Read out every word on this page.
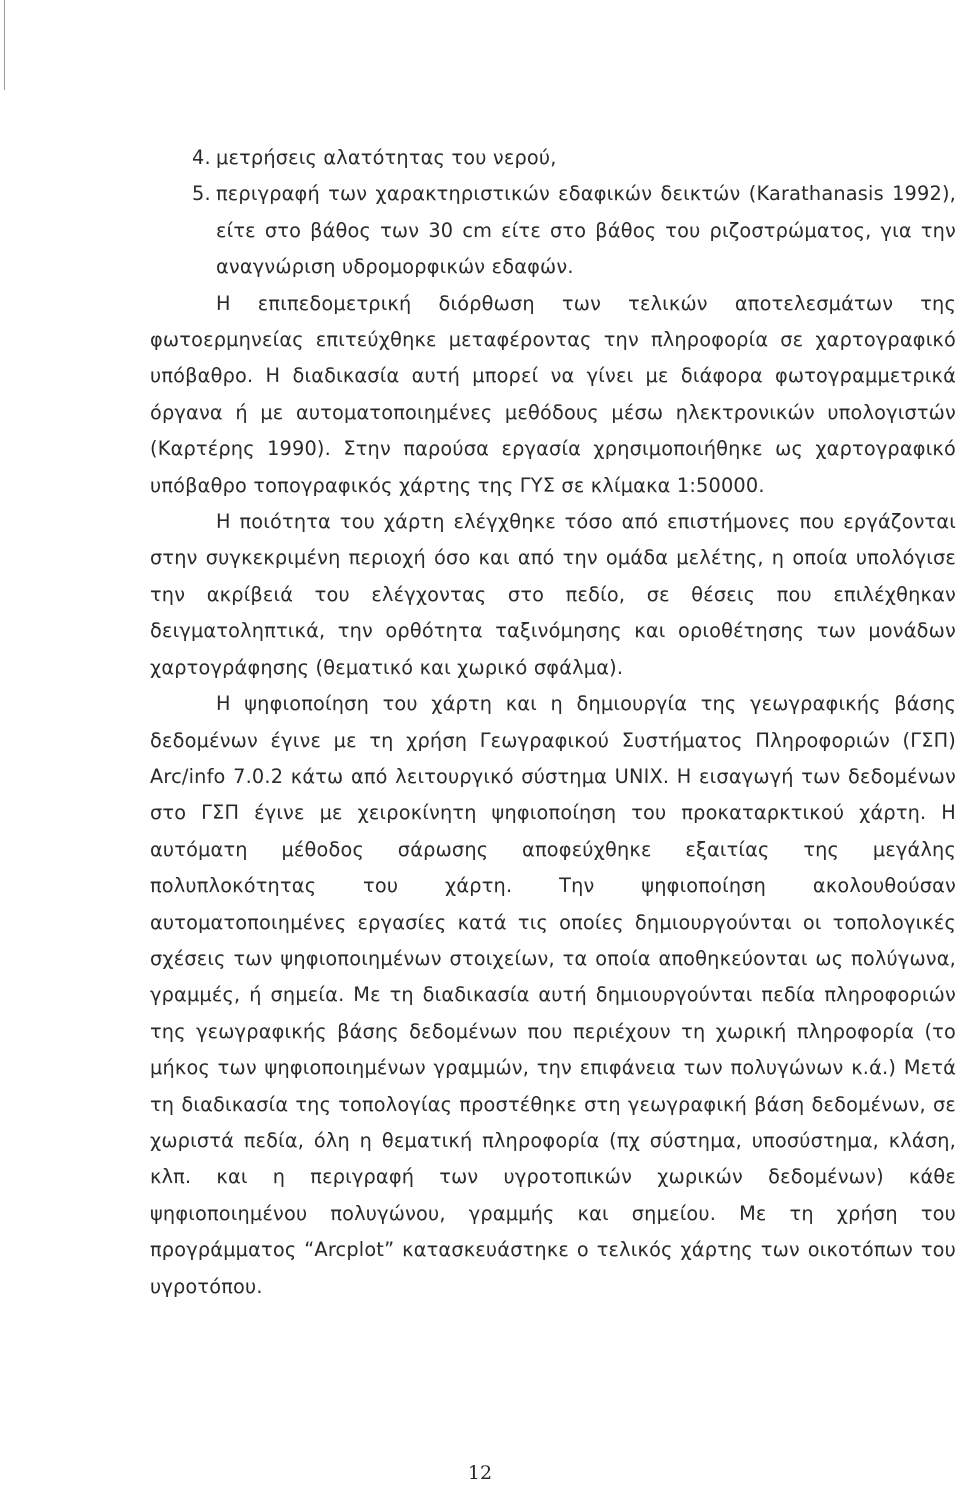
4. μετρήσεις αλατότητας του νερού,
5. περιγραφή των χαρακτηριστικών εδαφικών δεικτών (Karathanasis 1992), είτε στο βάθος των 30 cm είτε στο βάθος του ριζοστρώματος, για την αναγνώριση υδρομορφικών εδαφών.

Η επιπεδομετρική διόρθωση των τελικών αποτελεσμάτων της φωτοερμηνείας επιτεύχθηκε μεταφέροντας την πληροφορία σε χαρτογραφικό υπόβαθρο. Η διαδικασία αυτή μπορεί να γίνει με διάφορα φωτογραμμετρικά όργανα ή με αυτοματοποιημένες μεθόδους μέσω ηλεκτρονικών υπολογιστών (Καρτέρης 1990). Στην παρούσα εργασία χρησιμοποιήθηκε ως χαρτογραφικό υπόβαθρο τοπογραφικός χάρτης της ΓΥΣ σε κλίμακα 1:50000.

Η ποιότητα του χάρτη ελέγχθηκε τόσο από επιστήμονες που εργάζονται στην συγκεκριμένη περιοχή όσο και από την ομάδα μελέτης, η οποία υπολόγισε την ακρίβειά του ελέγχοντας στο πεδίο, σε θέσεις που επιλέχθηκαν δειγματοληπτικά, την ορθότητα ταξινόμησης και οριοθέτησης των μονάδων χαρτογράφησης (θεματικό και χωρικό σφάλμα).

Η ψηφιοποίηση του χάρτη και η δημιουργία της γεωγραφικής βάσης δεδομένων έγινε με τη χρήση Γεωγραφικού Συστήματος Πληροφοριών (ΓΣΠ) Arc/info 7.0.2 κάτω από λειτουργικό σύστημα UNIX. Η εισαγωγή των δεδομένων στο ΓΣΠ έγινε με χειροκίνητη ψηφιοποίηση του προκαταρκτικού χάρτη. Η αυτόματη μέθοδος σάρωσης αποφεύχθηκε εξαιτίας της μεγάλης πολυπλοκότητας του χάρτη. Την ψηφιοποίηση ακολουθούσαν αυτοματοποιημένες εργασίες κατά τις οποίες δημιουργούνται οι τοπολογικές σχέσεις των ψηφιοποιημένων στοιχείων, τα οποία αποθηκεύονται ως πολύγωνα, γραμμές, ή σημεία. Με τη διαδικασία αυτή δημιουργούνται πεδία πληροφοριών της γεωγραφικής βάσης δεδομένων που περιέχουν τη χωρική πληροφορία (το μήκος των ψηφιοποιημένων γραμμών, την επιφάνεια των πολυγώνων κ.ά.) Μετά τη διαδικασία της τοπολογίας προστέθηκε στη γεωγραφική βάση δεδομένων, σε χωριστά πεδία, όλη η θεματική πληροφορία (πχ σύστημα, υποσύστημα, κλάση, κλπ. και η περιγραφή των υγροτοπικών χωρικών δεδομένων) κάθε ψηφιοποιημένου πολυγώνου, γραμμής και σημείου. Με τη χρήση του προγράμματος “Arcplot” κατασκευάστηκε ο τελικός χάρτης των οικοτόπων του υγροτόπου.

12
